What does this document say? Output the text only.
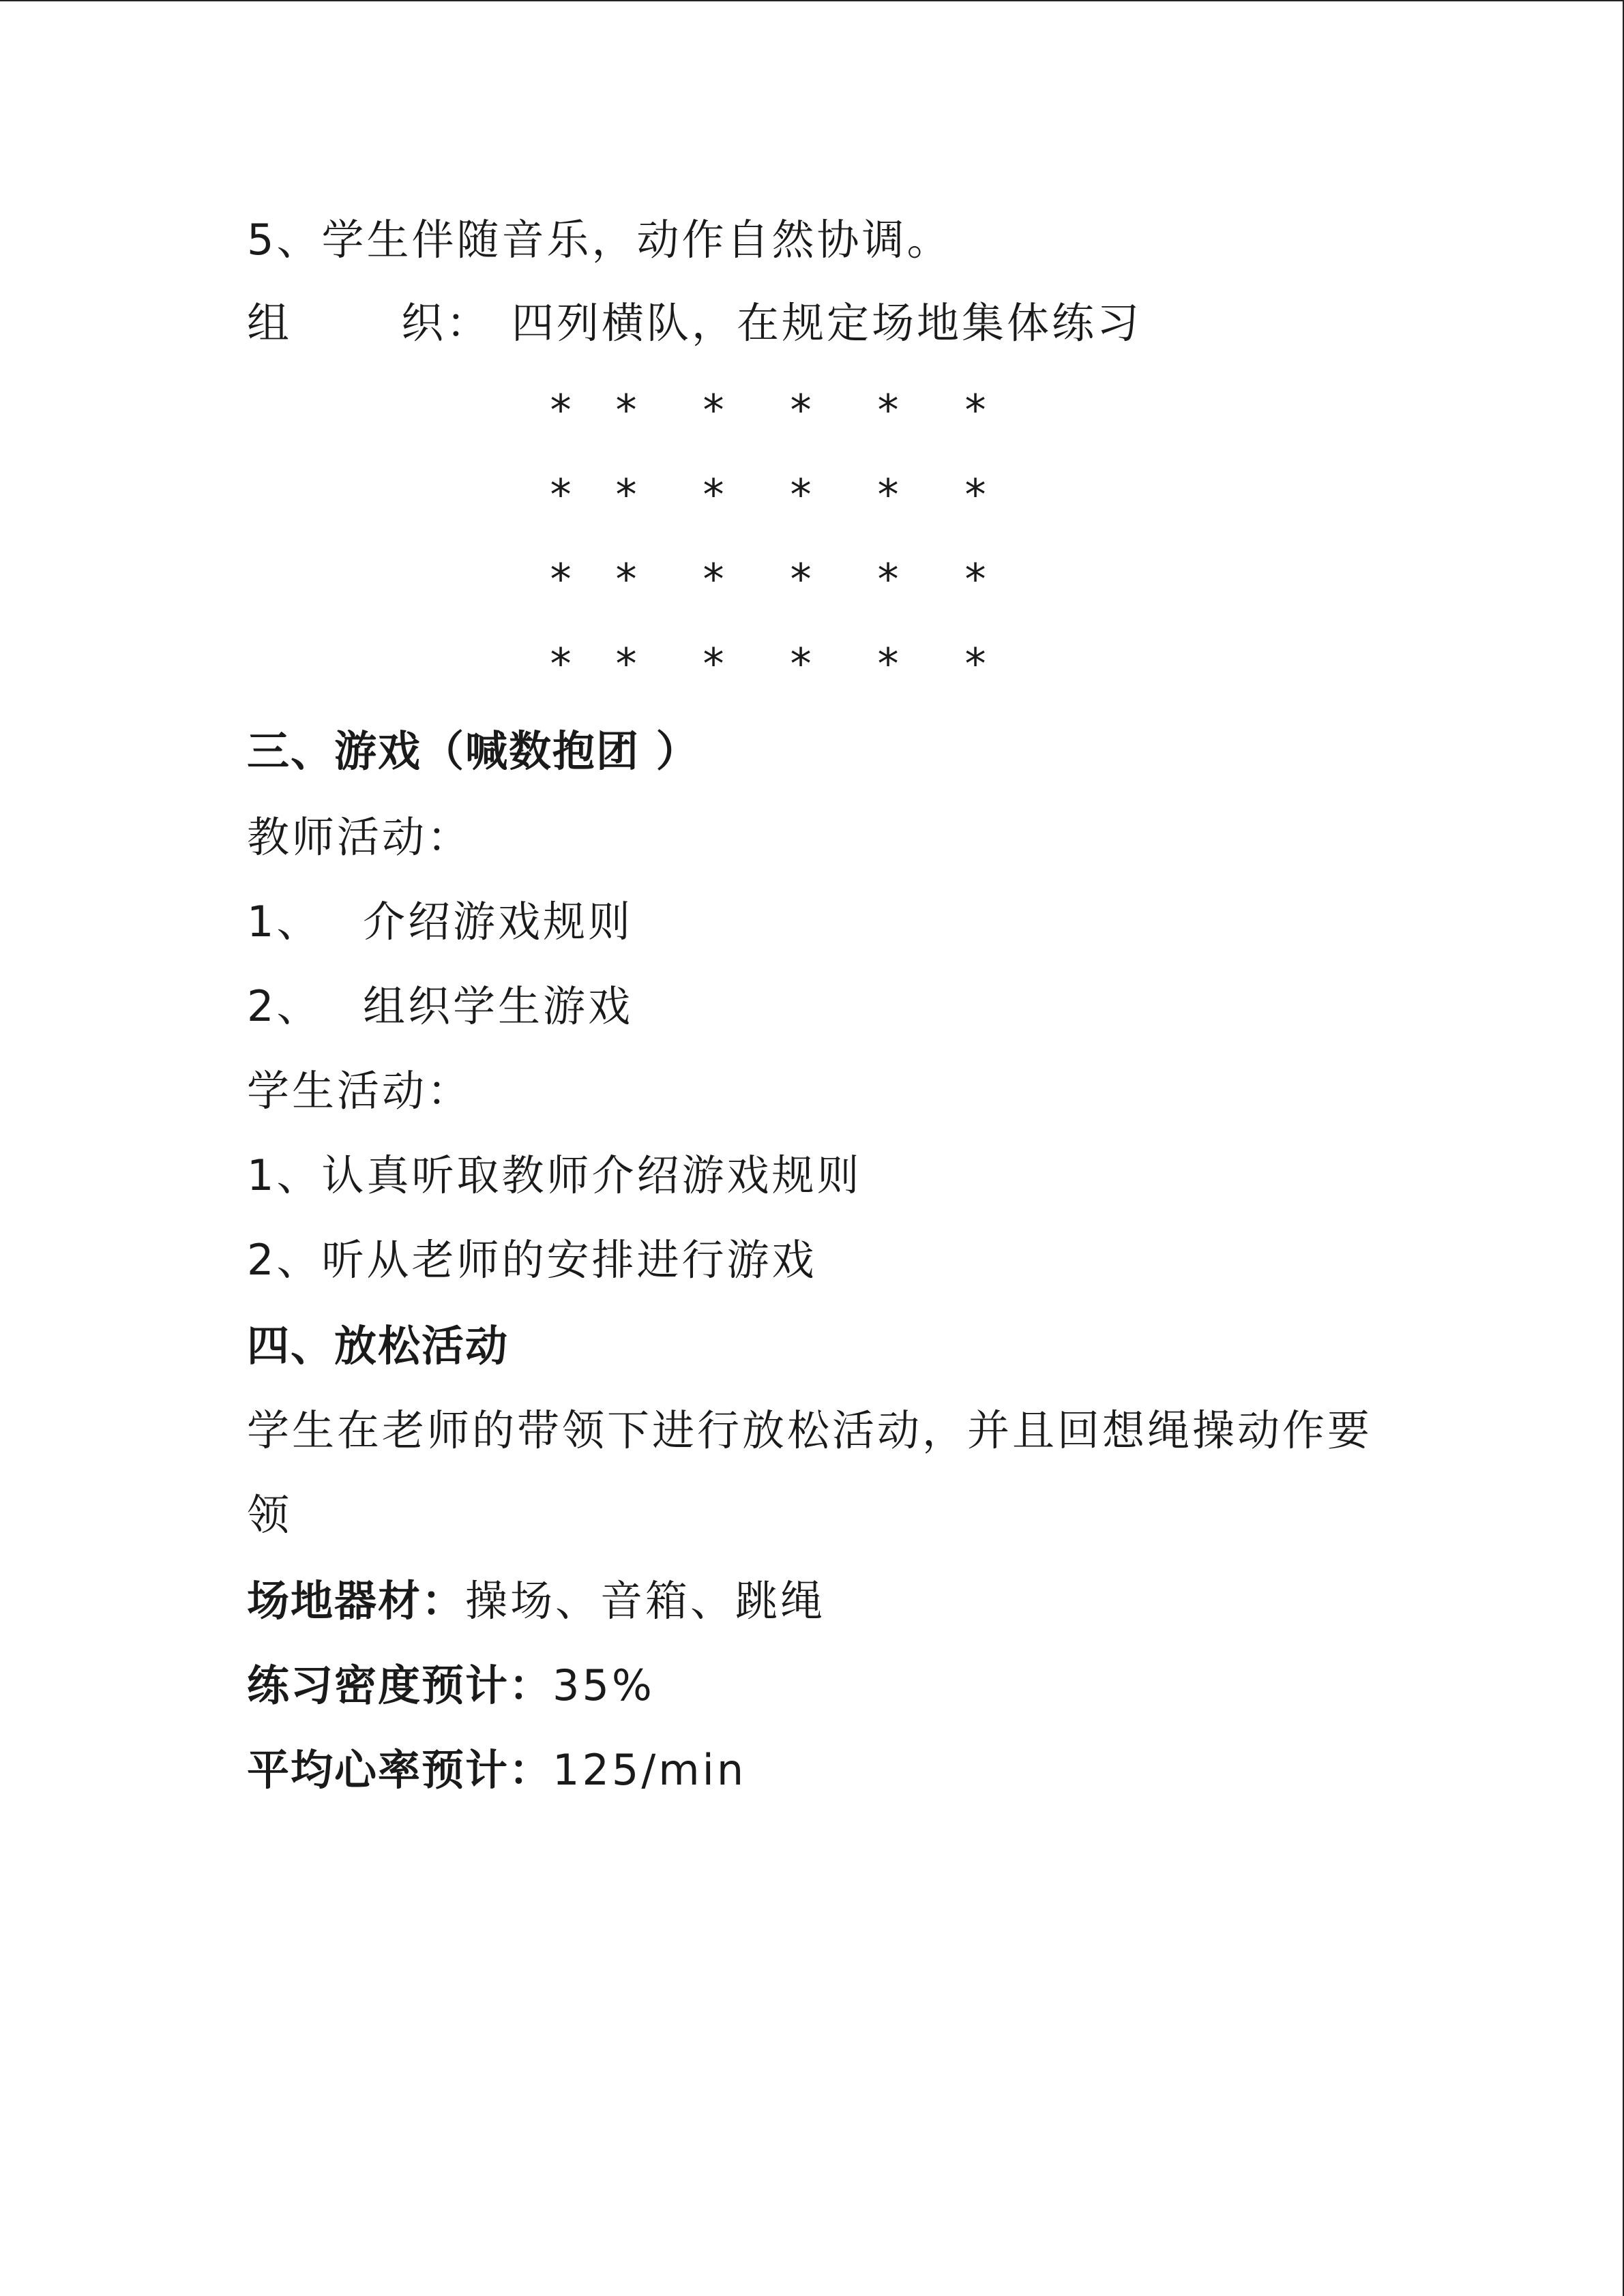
5、学生伴随音乐，动作自然协调。
组	织： 四列横队，在规定场地集体练习
* * * * * *
* * * * * *
* * * * * *
* * * * * *
三、游戏（喊数抱团 ）
教师活动：
1、 介绍游戏规则
2、 组织学生游戏
学生活动：
1、认真听取教师介绍游戏规则
2、听从老师的安排进行游戏
四、放松活动
学生在老师的带领下进行放松活动，并且回想绳操动作要
领
场地器材：操场、音箱、跳绳
练习密度预计：35%
平均心率预计：125/min
